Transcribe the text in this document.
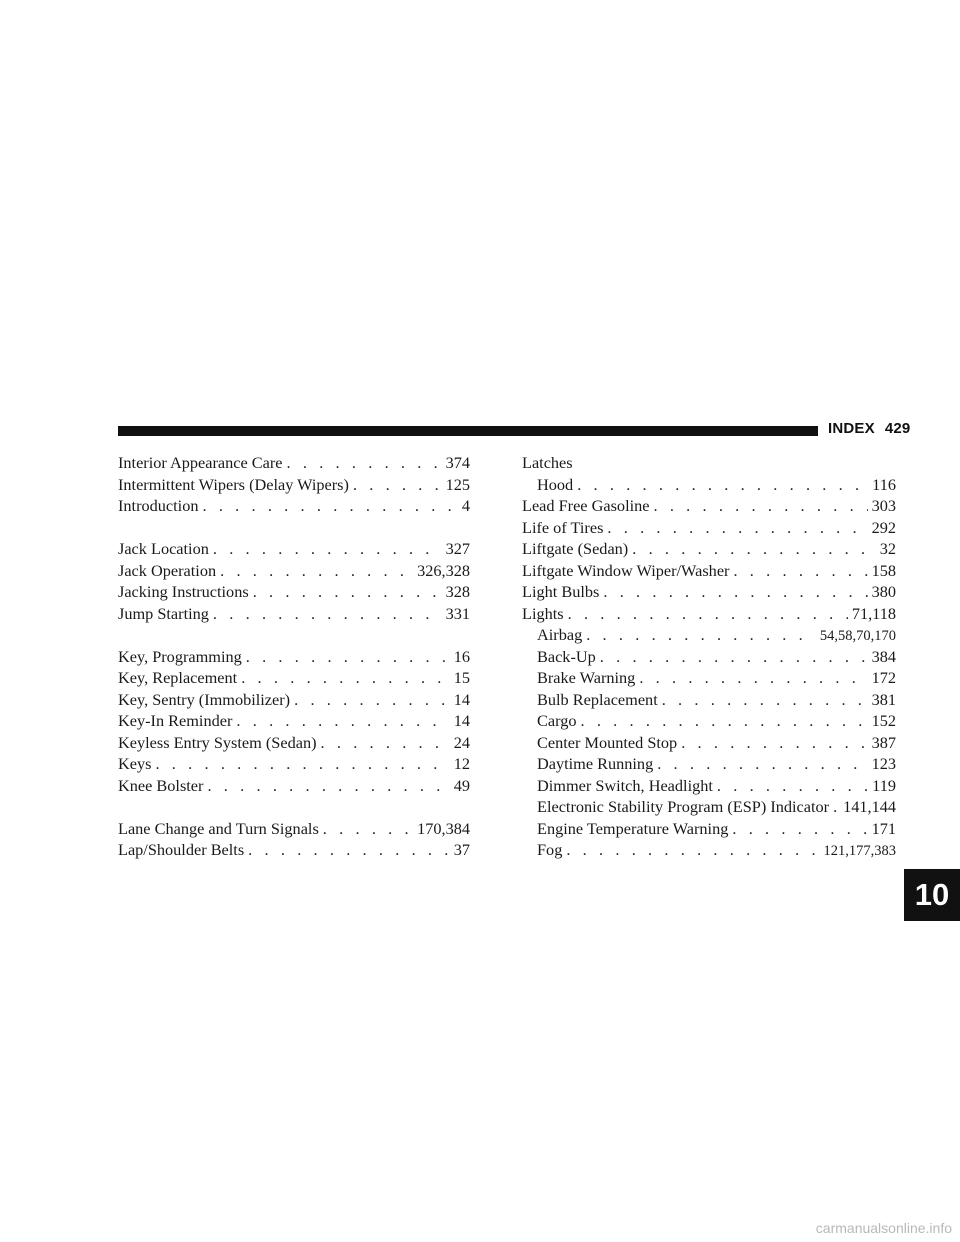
INDEX 429
Interior Appearance Care . . .	374
Intermittent Wipers (Delay Wipers) . . .	125
Introduction . . .	4
Jack Location . . .	327
Jack Operation . . .	326,328
Jacking Instructions . . .	328
Jump Starting . . .	331
Key, Programming . . .	16
Key, Replacement . . .	15
Key, Sentry (Immobilizer) . . .	14
Key-In Reminder . . .	14
Keyless Entry System (Sedan) . . .	24
Keys . . .	12
Knee Bolster . . .	49
Lane Change and Turn Signals . . .	170,384
Lap/Shoulder Belts . . .	37
Latches
Hood . . .	116
Lead Free Gasoline . . .	303
Life of Tires . . .	292
Liftgate (Sedan) . . .	32
Liftgate Window Wiper/Washer . . .	158
Light Bulbs . . .	380
Lights . . .	71,118
Airbag . . .	54,58,70,170
Back-Up . . .	384
Brake Warning . . .	172
Bulb Replacement . . .	381
Cargo . . .	152
Center Mounted Stop . . .	387
Daytime Running . . .	123
Dimmer Switch, Headlight . . .	119
Electronic Stability Program (ESP) Indicator . . . 141,144
Engine Temperature Warning . . .	171
Fog . . .	121,177,383
10
carmanualsonline.info
